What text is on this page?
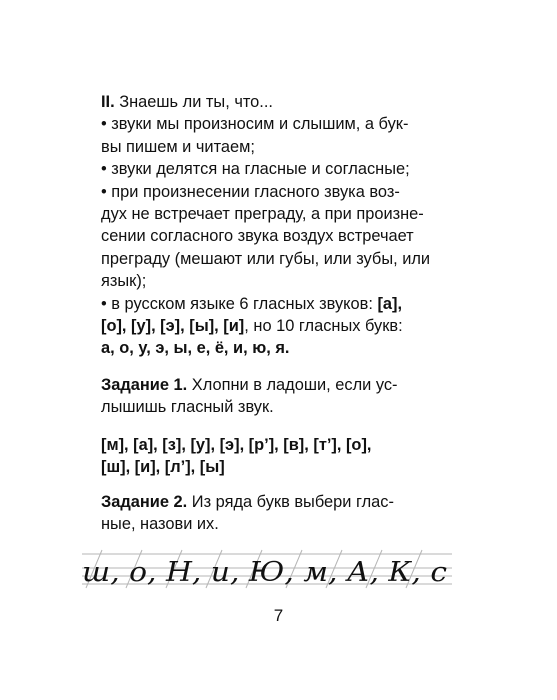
II. Знаешь ли ты, что...
• звуки мы произносим и слышим, а бук-
вы пишем и читаем;
• звуки делятся на гласные и согласные;
• при произнесении гласного звука воз-
дух не встречает преграду, а при произне-
сении согласного звука воздух встречает
преграду (мешают или губы, или зубы, или
язык);
• в русском языке 6 гласных звуков: [а],
[о], [у], [э], [ы], [и], но 10 гласных букв:
а, о, у, э, ы, е, ё, и, ю, я.
Задание 1. Хлопни в ладоши, если ус-
лышишь гласный звук.
[м], [а], [з], [у], [э], [р’], [в], [т’], [о],
[ш], [и], [л’], [ы]
Задание 2. Из ряда букв выбери глас-
ные, назови их.
ш, о, Н, и, Ю, м, А, К, с
7
